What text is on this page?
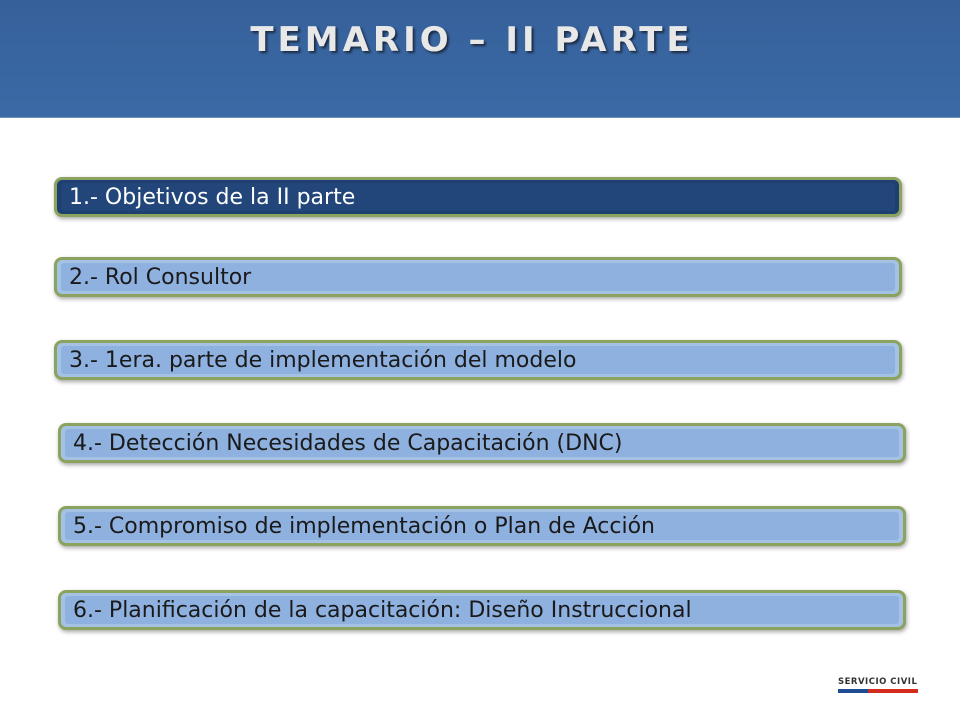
TEMARIO – II PARTE
1.- Objetivos de la II parte
2.- Rol Consultor
3.- 1era. parte de implementación del modelo
4.- Detección Necesidades de Capacitación (DNC)
5.- Compromiso de implementación o Plan de Acción
6.- Planificación de la capacitación: Diseño Instruccional
SERVICIO CIVIL
